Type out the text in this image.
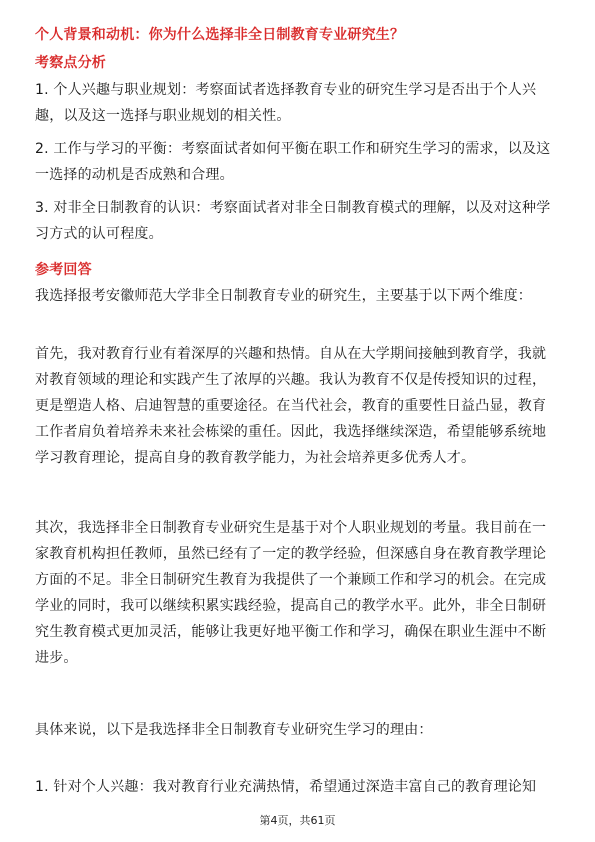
个人背景和动机：你为什么选择非全日制教育专业研究生？

考察点分析

1. 个人兴趣与职业规划：考察面试者选择教育专业的研究生学习是否出于个人兴
趣，以及这一选择与职业规划的相关性。
2. 工作与学习的平衡：考察面试者如何平衡在职工作和研究生学习的需求，以及这
一选择的动机是否成熟和合理。
3. 对非全日制教育的认识：考察面试者对非全日制教育模式的理解，以及对这种学
习方式的认可程度。

参考回答

我选择报考安徽师范大学非全日制教育专业的研究生，主要基于以下两个维度：

首先，我对教育行业有着深厚的兴趣和热情。自从在大学期间接触到教育学，我就
对教育领域的理论和实践产生了浓厚的兴趣。我认为教育不仅是传授知识的过程，
更是塑造人格、启迪智慧的重要途径。在当代社会，教育的重要性日益凸显，教育
工作者肩负着培养未来社会栋梁的重任。因此，我选择继续深造，希望能够系统地
学习教育理论，提高自身的教育教学能力，为社会培养更多优秀人才。
其次，我选择非全日制教育专业研究生是基于对个人职业规划的考量。我目前在一
家教育机构担任教师，虽然已经有了一定的教学经验，但深感自身在教育教学理论
方面的不足。非全日制研究生教育为我提供了一个兼顾工作和学习的机会。在完成
学业的同时，我可以继续积累实践经验，提高自己的教学水平。此外，非全日制研
究生教育模式更加灵活，能够让我更好地平衡工作和学习，确保在职业生涯中不断
进步。

具体来说，以下是我选择非全日制教育专业研究生学习的理由：

1. 针对个人兴趣：我对教育行业充满热情，希望通过深造丰富自己的教育理论知

第4页，共61页
